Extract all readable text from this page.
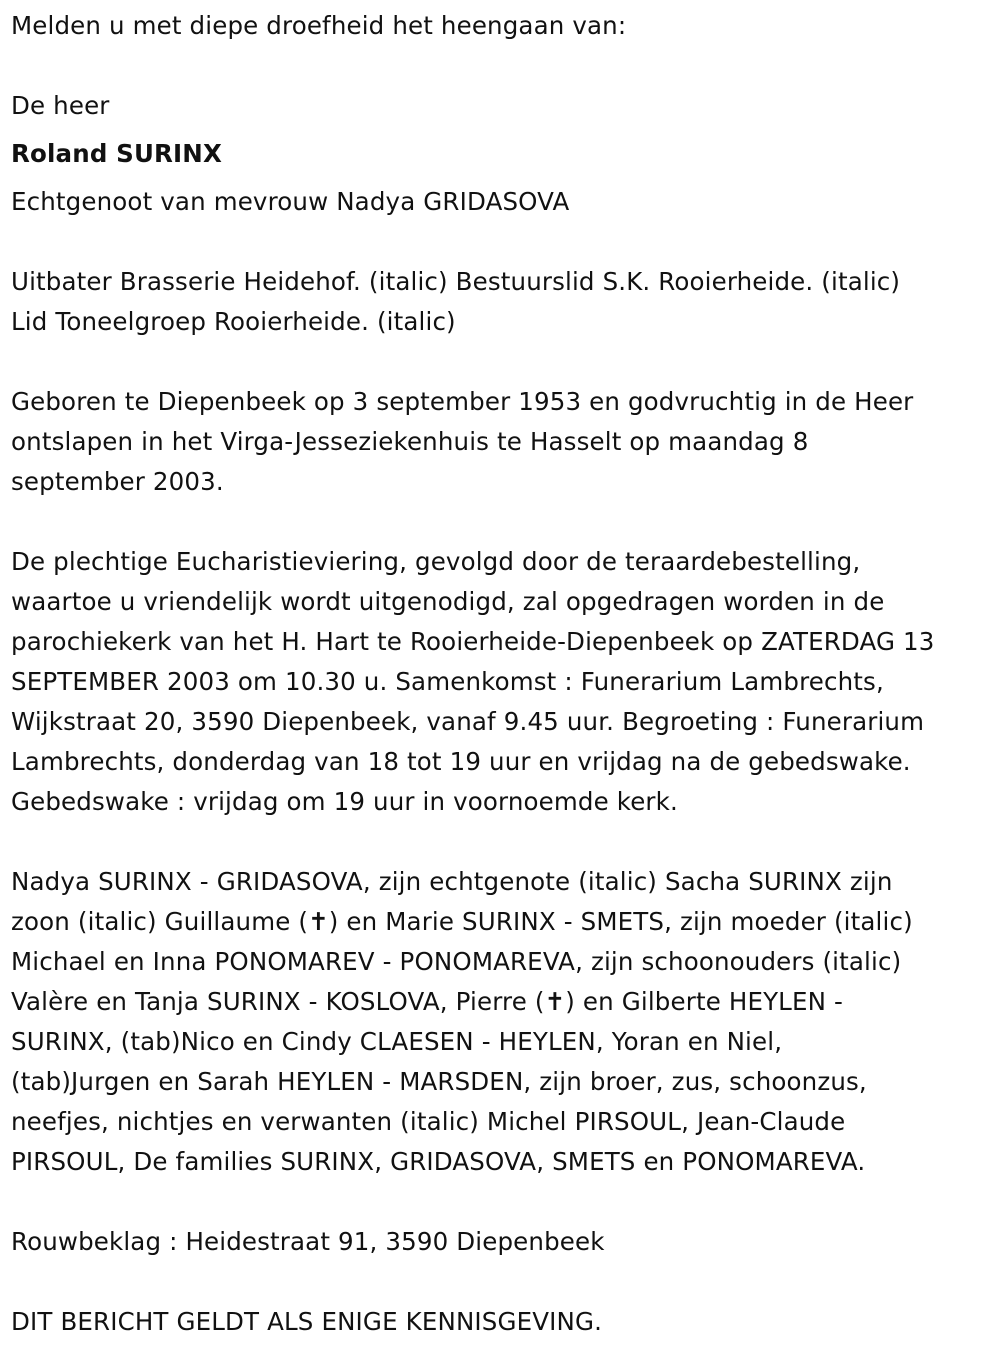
Melden u met diepe droefheid het heengaan van:
De heer
Roland SURINX
Echtgenoot van mevrouw Nadya GRIDASOVA
Uitbater Brasserie Heidehof. (italic) Bestuurslid S.K. Rooierheide. (italic)
Lid Toneelgroep Rooierheide. (italic)
Geboren te Diepenbeek op 3 september 1953 en godvruchtig in de Heer
ontslapen in het Virga-Jesseziekenhuis te Hasselt op maandag 8
september 2003.
De plechtige Eucharistieviering, gevolgd door de teraardebestelling,
waartoe u vriendelijk wordt uitgenodigd, zal opgedragen worden in de
parochiekerk van het H. Hart te Rooierheide-Diepenbeek op ZATERDAG 13
SEPTEMBER 2003 om 10.30 u. Samenkomst : Funerarium Lambrechts,
Wijkstraat 20, 3590 Diepenbeek, vanaf 9.45 uur. Begroeting : Funerarium
Lambrechts, donderdag van 18 tot 19 uur en vrijdag na de gebedswake.
Gebedswake : vrijdag om 19 uur in voornoemde kerk.
Nadya SURINX - GRIDASOVA, zijn echtgenote (italic) Sacha SURINX zijn
zoon (italic) Guillaume (✝) en Marie SURINX - SMETS, zijn moeder (italic)
Michael en Inna PONOMAREV - PONOMAREVA, zijn schoonouders (italic)
Valère en Tanja SURINX - KOSLOVA, Pierre (✝) en Gilberte HEYLEN -
SURINX, (tab)Nico en Cindy CLAESEN - HEYLEN, Yoran en Niel,
(tab)Jurgen en Sarah HEYLEN - MARSDEN, zijn broer, zus, schoonzus,
neefjes, nichtjes en verwanten (italic) Michel PIRSOUL, Jean-Claude
PIRSOUL, De families SURINX, GRIDASOVA, SMETS en PONOMAREVA.
Rouwbeklag : Heidestraat 91, 3590 Diepenbeek
DIT BERICHT GELDT ALS ENIGE KENNISGEVING.
